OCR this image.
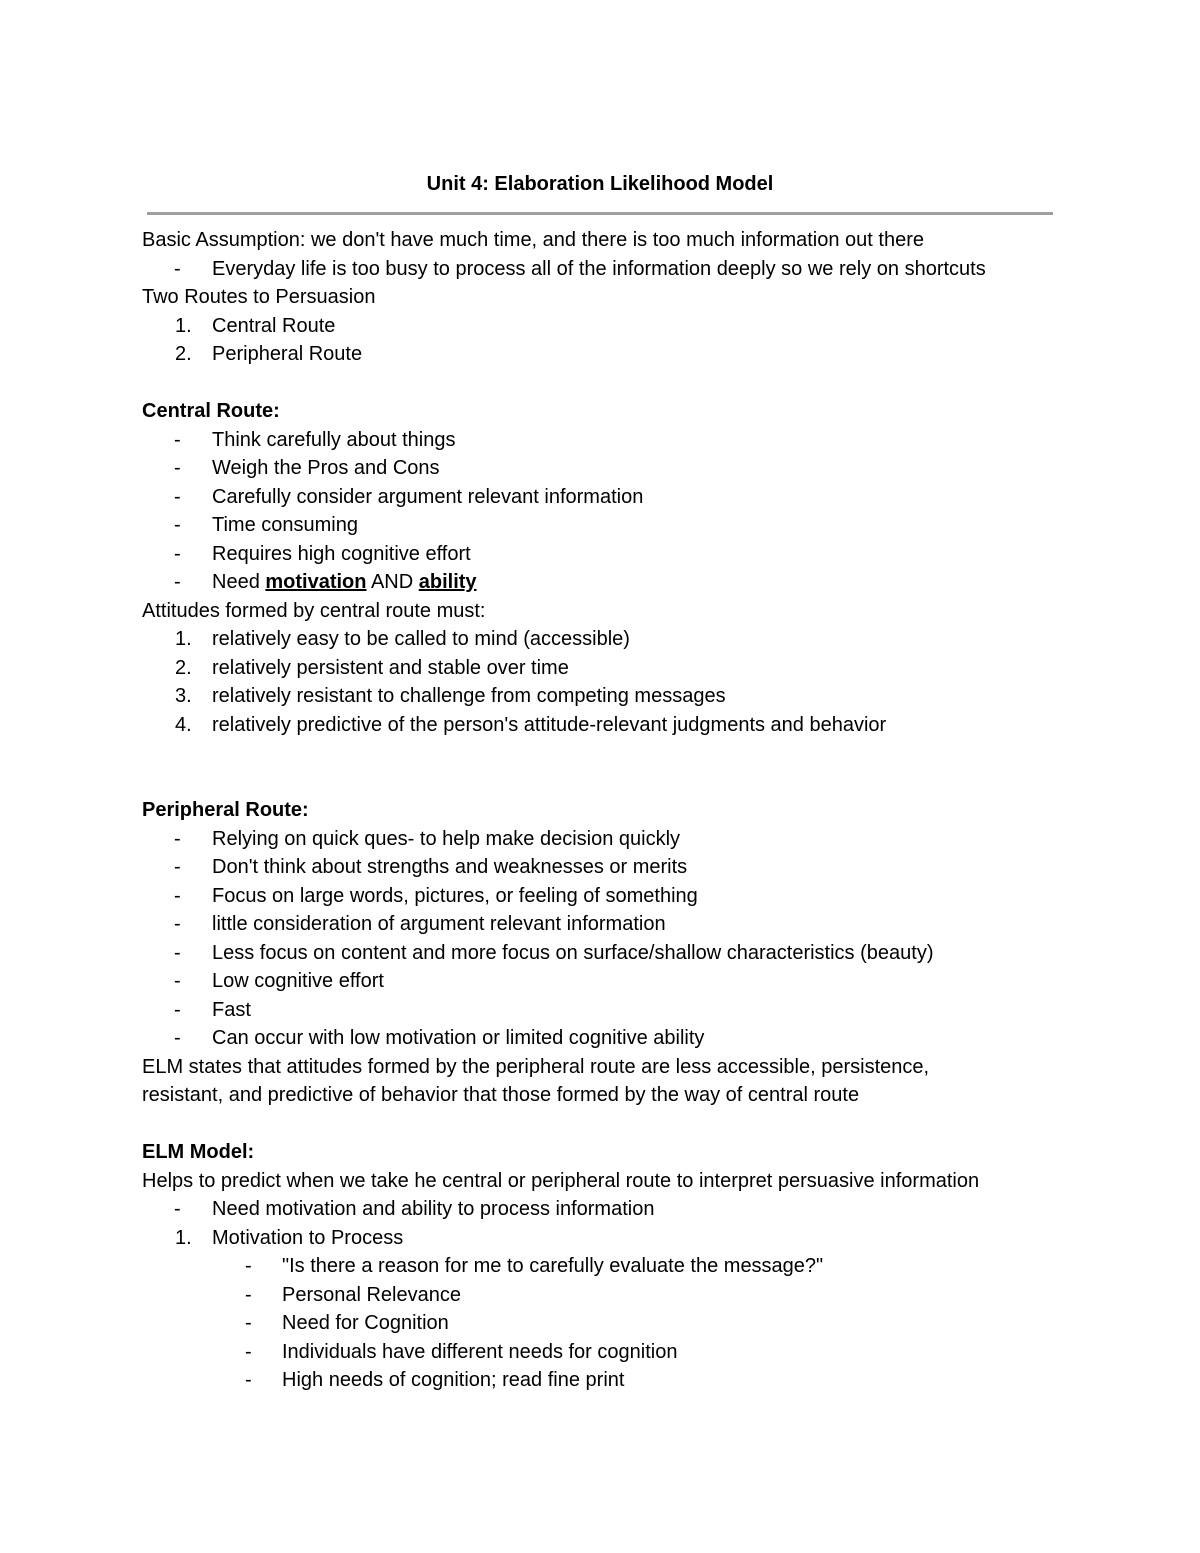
Unit 4: Elaboration Likelihood Model
Basic Assumption: we don't have much time, and there is too much information out there
- Everyday life is too busy to process all of the information deeply so we rely on shortcuts
Two Routes to Persuasion
1. Central Route
2. Peripheral Route
Central Route:
- Think carefully about things
- Weigh the Pros and Cons
- Carefully consider argument relevant information
- Time consuming
- Requires high cognitive effort
- Need motivation AND ability
Attitudes formed by central route must:
1. relatively easy to be called to mind (accessible)
2. relatively persistent and stable over time
3. relatively resistant to challenge from competing messages
4. relatively predictive of the person's attitude-relevant judgments and behavior
Peripheral Route:
- Relying on quick ques- to help make decision quickly
- Don't think about strengths and weaknesses or merits
- Focus on large words, pictures, or feeling of something
- little consideration of argument relevant information
- Less focus on content and more focus on surface/shallow characteristics (beauty)
- Low cognitive effort
- Fast
- Can occur with low motivation or limited cognitive ability
ELM states that attitudes formed by the peripheral route are less accessible, persistence,
resistant, and predictive of behavior that those formed by the way of central route
ELM Model:
Helps to predict when we take he central or peripheral route to interpret persuasive information
- Need motivation and ability to process information
1. Motivation to Process
- "Is there a reason for me to carefully evaluate the message?"
- Personal Relevance
- Need for Cognition
- Individuals have different needs for cognition
- High needs of cognition; read fine print
